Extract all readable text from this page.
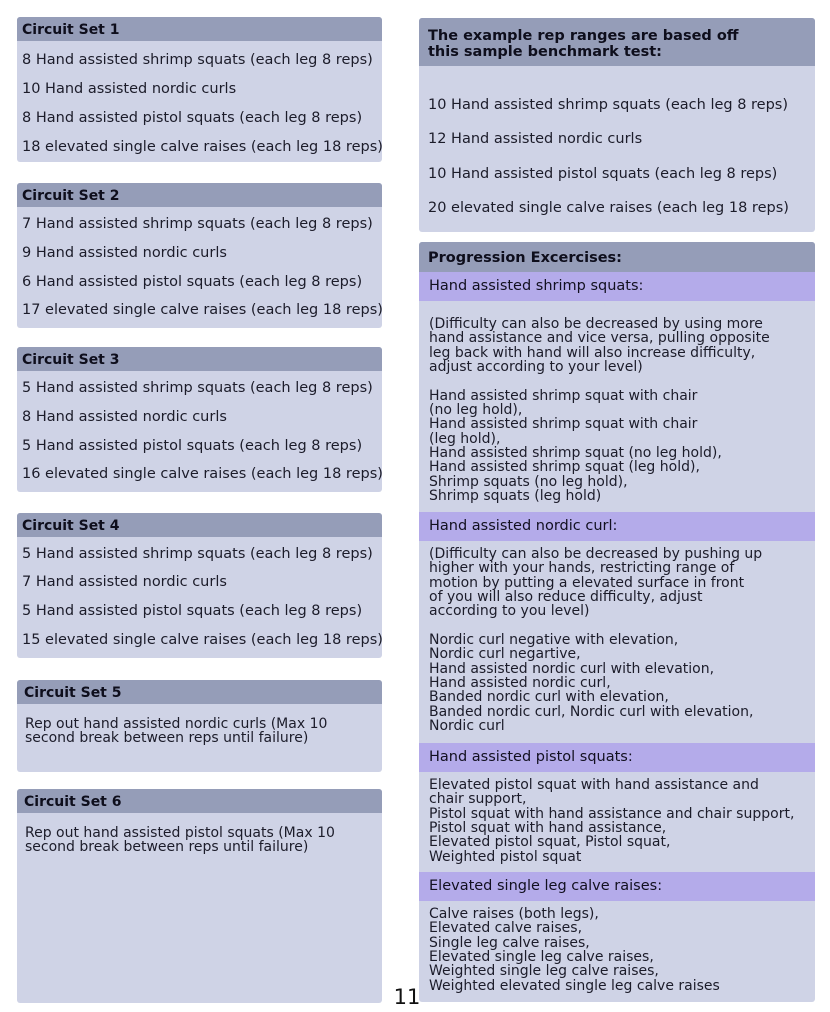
Circuit Set 1
8 Hand assisted shrimp squats (each leg 8 reps)
10 Hand assisted nordic curls
8 Hand assisted pistol squats (each leg 8 reps)
18 elevated single calve raises (each leg 18 reps)
Circuit Set 2
7 Hand assisted shrimp squats (each leg 8 reps)
9 Hand assisted nordic curls
6 Hand assisted pistol squats (each leg 8 reps)
17 elevated single calve raises (each leg 18 reps)
Circuit Set 3
5 Hand assisted shrimp squats (each leg 8 reps)
8 Hand assisted nordic curls
5 Hand assisted pistol squats (each leg 8 reps)
16 elevated single calve raises (each leg 18 reps)
Circuit Set 4
5 Hand assisted shrimp squats (each leg 8 reps)
7 Hand assisted nordic curls
5 Hand assisted pistol squats (each leg 8 reps)
15 elevated single calve raises (each leg 18 reps)
Circuit Set 5
Rep out hand assisted nordic curls (Max 10
second break between reps until failure)
Circuit Set 6
Rep out hand assisted pistol squats (Max 10
second break between reps until failure)
The example rep ranges are based off
this sample benchmark test:
10 Hand assisted shrimp squats (each leg 8 reps)
12 Hand assisted nordic curls
10 Hand assisted pistol squats (each leg 8 reps)
20 elevated single calve raises (each leg 18 reps)
Progression Excercises:
Hand assisted shrimp squats:

(Difficulty can also be decreased by using more

hand assistance and vice versa, pulling opposite

leg back with hand will also increase difficulty,

adjust according to your level)

Hand assisted shrimp squat with chair

(no leg hold),

Hand assisted shrimp squat with chair

(leg hold),

Hand assisted shrimp squat (no leg hold),

Hand assisted shrimp squat (leg hold),

Shrimp squats (no leg hold),

Shrimp squats (leg hold)

Hand assisted nordic curl:

(Difficulty can also be decreased by pushing up

higher with your hands, restricting range of

motion by putting a elevated surface in front

of you will also reduce difficulty, adjust

according to you level)

Nordic curl negative with elevation,

Nordic curl negartive,

Hand assisted nordic curl with elevation,

Hand assisted nordic curl,

Banded nordic curl with elevation,

Banded nordic curl, Nordic curl with elevation,

Nordic curl

Hand assisted pistol squats:

Elevated pistol squat with hand assistance and

chair support,

Pistol squat with hand assistance and chair support,

Pistol squat with hand assistance,

Elevated pistol squat, Pistol squat,

Weighted pistol squat

Elevated single leg calve raises:

Calve raises (both legs),

Elevated calve raises,

Single leg calve raises,

Elevated single leg calve raises,

Weighted single leg calve raises,

Weighted elevated single leg calve raises

11
